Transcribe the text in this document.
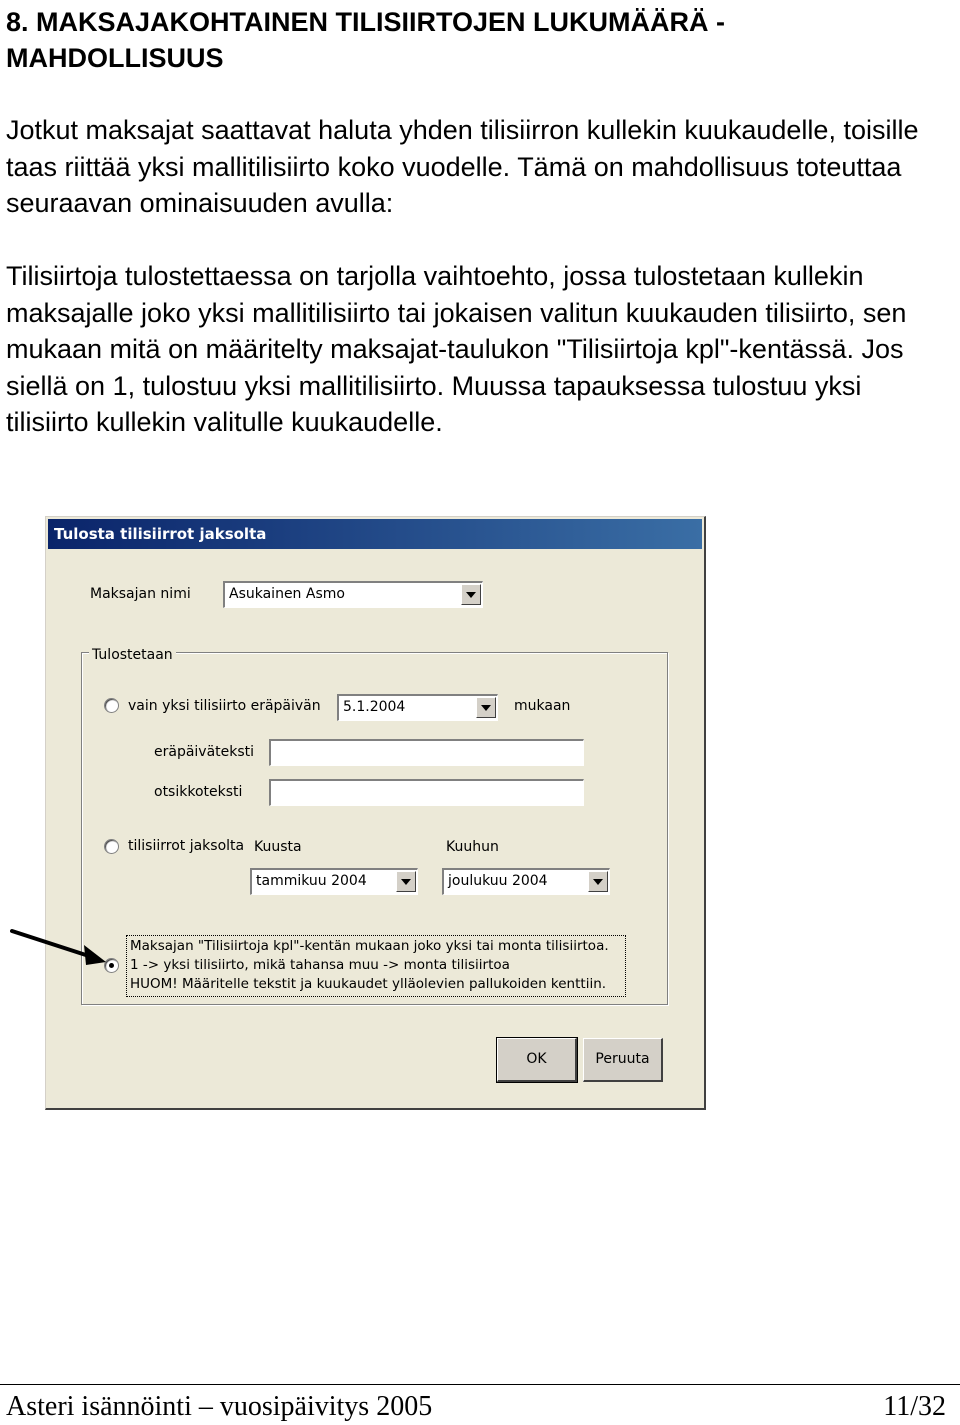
8. MAKSAJAKOHTAINEN TILISIIRTOJEN LUKUMÄÄRÄ - MAHDOLLISUUS

Jotkut maksajat saattavat haluta yhden tilisiirron kullekin kuukaudelle, toisille taas riittää yksi mallitilisiirto koko vuodelle. Tämä on mahdollisuus toteuttaa seuraavan ominaisuuden avulla:

Tilisiirtoja tulostettaessa on tarjolla vaihtoehto, jossa tulostetaan kullekin maksajalle joko yksi mallitilisiirto tai jokaisen valitun kuukauden tilisiirto, sen mukaan mitä on määritelty maksajat-taulukon "Tilisiirtoja kpl"-kentässä. Jos siellä on 1, tulostuu yksi mallitilisiirto. Muussa tapauksessa tulostuu yksi tilisiirto kullekin valitulle kuukaudelle.

Tulosta tilisiirrot jaksolta
Maksajan nimi	Asukainen Asmo
Tulostetaan
vain yksi tilisiirto eräpäivän	5.1.2004	mukaan
eräpäiväteksti
otsikkoteksti
tilisiirrot jaksolta Kuusta	Kuuhun
tammikuu 2004	joulukuu 2004
Maksajan "Tilisiirtoja kpl"-kentän mukaan joko yksi tai monta tilisiirtoa.
1 -> yksi tilisiirto, mikä tahansa muu -> monta tilisiirtoa
HUOM! Määritelle tekstit ja kuukaudet ylläolevien pallukoiden kenttiin.
OK	Peruuta
Asteri isännöinti – vuosipäivitys 2005	11/32
